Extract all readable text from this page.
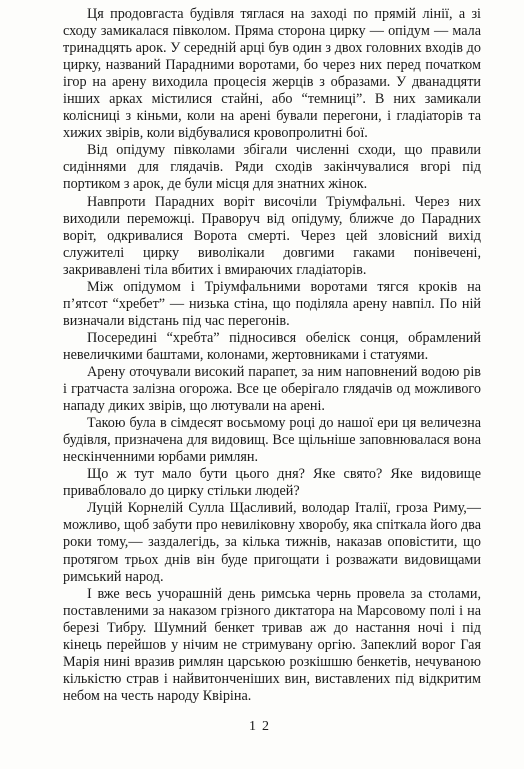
Ця продовгаста будівля тяглася на заході по прямій лінії, а зі сходу замикалася півколом. Пряма сторона цирку — опідум — мала тринадцять арок. У середній арці був один з двох головних входів до цирку, названий Парадними воротами, бо через них перед початком ігор на арену виходила процесія жерців з образами. У дванадцяти інших арках містилися стайні, або “темниці”. В них замикали колісниці з кіньми, коли на арені бували перегони, і гладіаторів та хижих звірів, коли відбувалися кровопролитні бої.

Від опідуму півколами збігали численні сходи, що правили сидіннями для глядачів. Ряди сходів закінчувалися вгорі під портиком з арок, де були місця для знатних жінок.

Навпроти Парадних воріт височіли Тріумфальні. Через них виходили переможці. Праворуч від опідуму, ближче до Парадних воріт, одкривалися Ворота смерті. Через цей зловісний вихід служителі цирку виволікали довгими гаками понівечені, закривавлені тіла вбитих і вмираючих гладіаторів.

Між опідумом і Тріумфальними воротами тягся кроків на п’ятсот “хребет” — низька стіна, що поділяла арену навпіл. По ній визначали відстань під час перегонів.

Посередині “хребта” підносився обеліск сонця, обрамлений невеличкими баштами, колонами, жертовниками і статуями.

Арену оточували високий парапет, за ним наповнений водою рів і гратчаста залізна огорожа. Все це оберігало глядачів од можливого нападу диких звірів, що лютували на арені.

Такою була в сімдесят восьмому році до нашої ери ця величезна будівля, призначена для видовищ. Все щільніше заповнювалася вона нескінченними юрбами римлян.

Що ж тут мало бути цього дня? Яке свято? Яке видовище привабловало до цирку стільки людей?

Луцій Корнелій Сулла Щасливий, володар Італії, гроза Риму,— можливо, щоб забути про невиліковну хворобу, яка спіткала його два роки тому,— заздалегідь, за кілька тижнів, наказав оповістити, що протягом трьох днів він буде пригощати і розважати видовищами римський народ.

І вже весь учорашній день римська чернь провела за столами, поставленими за наказом грізного диктатора на Марсовому полі і на березі Тибру. Шумний бенкет тривав аж до настання ночі і під кінець перейшов у нічим не стримувану оргію. Запеклий ворог Гая Марія нині вразив римлян царською розкішшю бенкетів, нечуваною кількістю страв і найвитонченіших вин, виставлених під відкритим небом на честь народу Квіріна.

12
